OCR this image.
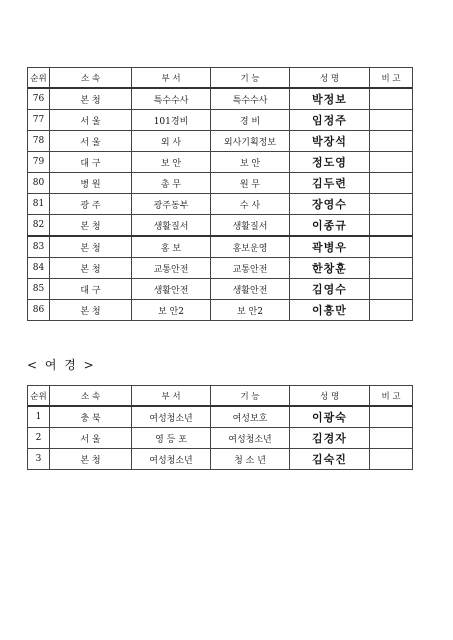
순위	소 속	부 서	기 능	성 명	비 고
76	본 청	특수수사	특수수사	박정보	
77	서 울	101경비	경 비	임정주	
78	서 울	외 사	외사기획정보	박장석	
79	대 구	보 안	보 안	정도영	
80	병 원	총 무	원 무	김두련	
81	광 주	광주동부	수 사	장영수	
82	본 청	생활질서	생활질서	이종규	
83	본 청	홍 보	홍보운영	곽병우	
84	본 청	교통안전	교통안전	한창훈	
85	대 구	생활안전	생활안전	김영수	
86	본 청	보 안2	보 안2	이흥만	
< 여 경 >
순위	소 속	부 서	기 능	성 명	비 고
1	충 북	여성청소년	여성보호	이광숙	
2	서 울	영 등 포	여성청소년	김경자	
3	본 청	여성청소년	청 소 년	김숙진	
